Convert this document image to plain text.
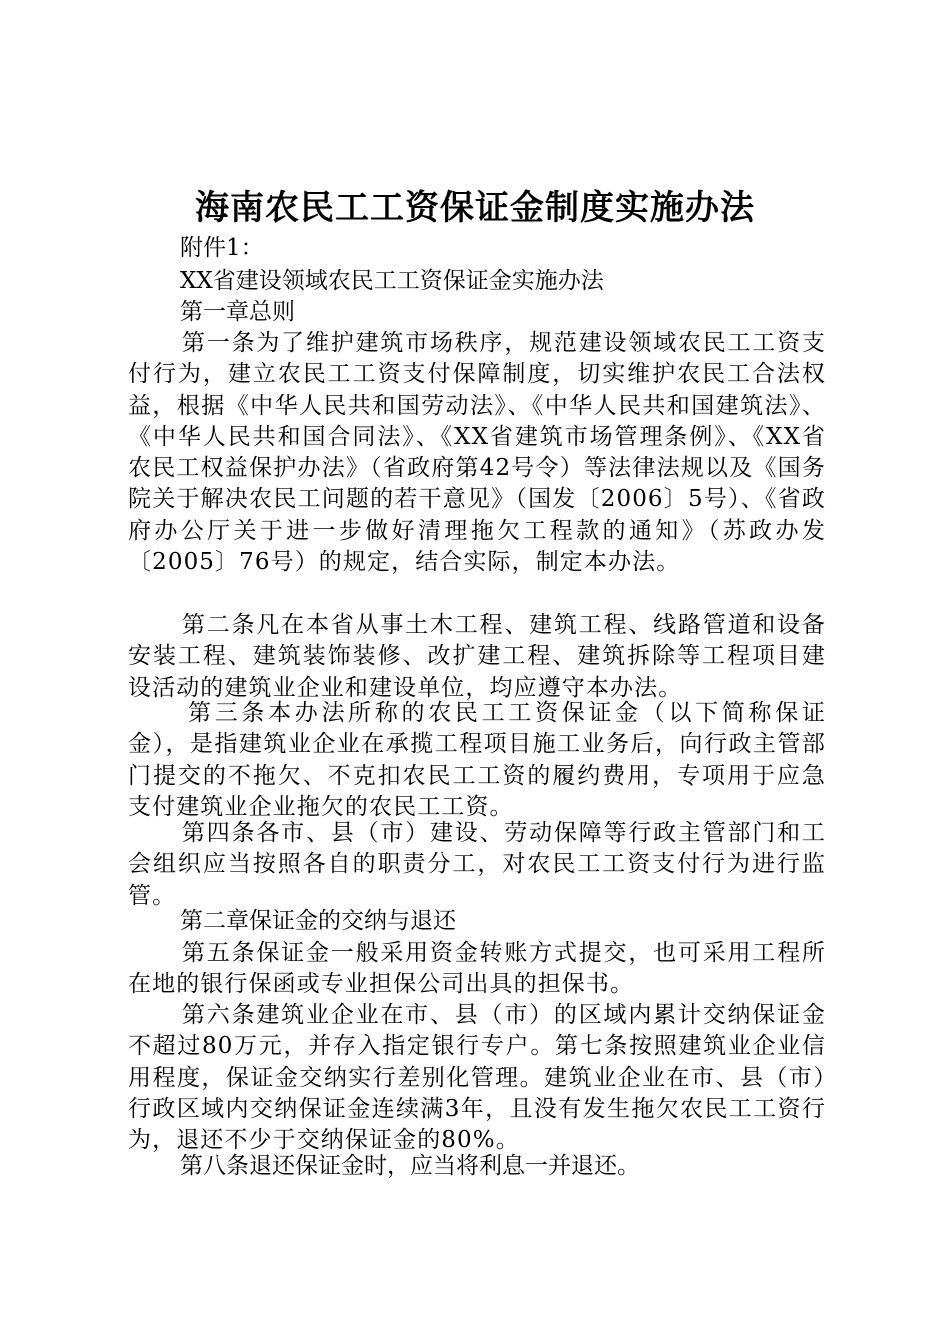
海南农民工工资保证金制度实施办法

附件1：

XX省建设领域农民工工资保证金实施办法

第一章总则

第一条为了维护建筑市场秩序，规范建设领域农民工工资支付行为，建立农民工工资支付保障制度，切实维护农民工合法权益，根据《中华人民共和国劳动法》、《中华人民共和国建筑法》、《中华人民共和国合同法》、《XX省建筑市场管理条例》、《XX省农民工权益保护办法》（省政府第42号令）等法律法规以及《国务院关于解决农民工问题的若干意见》（国发〔2006〕5号）、《省政府办公厅关于进一步做好清理拖欠工程款的通知》（苏政办发〔2005〕76号）的规定，结合实际，制定本办法。

第二条凡在本省从事土木工程、建筑工程、线路管道和设备安装工程、建筑装饰装修、改扩建工程、建筑拆除等工程项目建设活动的建筑业企业和建设单位，均应遵守本办法。

第三条本办法所称的农民工工资保证金（以下简称保证金），是指建筑业企业在承揽工程项目施工业务后，向行政主管部门提交的不拖欠、不克扣农民工工资的履约费用，专项用于应急支付建筑业企业拖欠的农民工工资。

第四条各市、县（市）建设、劳动保障等行政主管部门和工会组织应当按照各自的职责分工，对农民工工资支付行为进行监管。

第二章保证金的交纳与退还

第五条保证金一般采用资金转账方式提交，也可采用工程所在地的银行保函或专业担保公司出具的担保书。

第六条建筑业企业在市、县（市）的区域内累计交纳保证金不超过80万元，并存入指定银行专户。第七条按照建筑业企业信用程度，保证金交纳实行差别化管理。建筑业企业在市、县（市）行政区域内交纳保证金连续满3年，且没有发生拖欠农民工工资行为，退还不少于交纳保证金的80%。

第八条退还保证金时，应当将利息一并退还。
